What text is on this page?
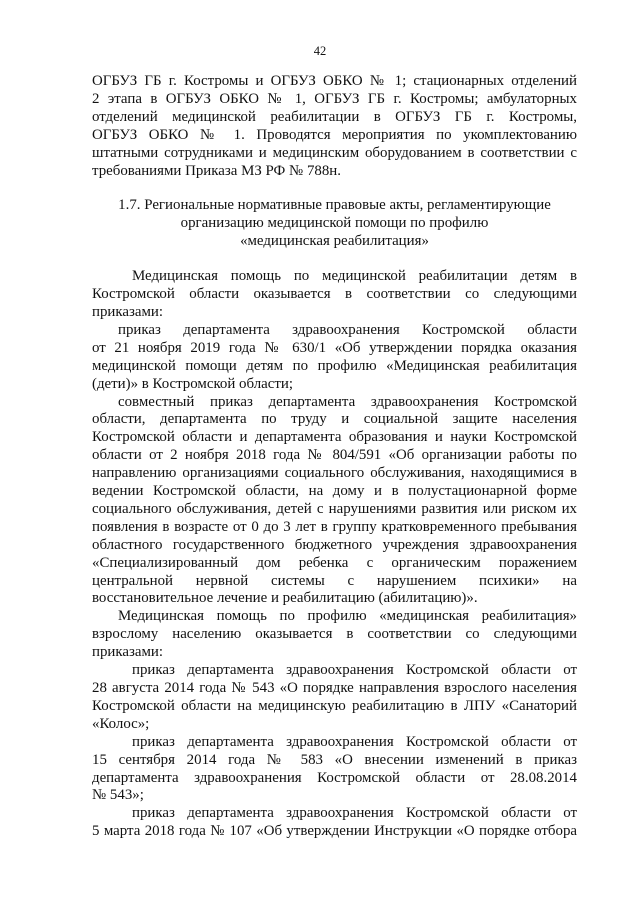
42
ОГБУЗ ГБ г. Костромы и ОГБУЗ ОБКО № 1; стационарных отделений
2 этапа в ОГБУЗ ОБКО № 1, ОГБУЗ ГБ г. Костромы; амбулаторных
отделений медицинской реабилитации в ОГБУЗ ГБ г. Костромы,
ОГБУЗ ОБКО № 1. Проводятся мероприятия по укомплектованию
штатными сотрудниками и медицинским оборудованием в соответствии с
требованиями Приказа МЗ РФ № 788н.
1.7. Региональные нормативные правовые акты, регламентирующие
организацию медицинской помощи по профилю
«медицинская реабилитация»
Медицинская помощь по медицинской реабилитации детям в
Костромской области оказывается в соответствии со следующими
приказами:
приказ департамента здравоохранения Костромской области
от 21 ноября 2019 года № 630/1 «Об утверждении порядка оказания
медицинской помощи детям по профилю «Медицинская реабилитация
(дети)» в Костромской области;
совместный приказ департамента здравоохранения Костромской
области, департамента по труду и социальной защите населения
Костромской области и департамента образования и науки Костромской
области от 2 ноября 2018 года № 804/591 «Об организации работы по
направлению организациями социального обслуживания, находящимися в
ведении Костромской области, на дому и в полустационарной форме
социального обслуживания, детей с нарушениями развития или риском их
появления в возрасте от 0 до 3 лет в группу кратковременного пребывания
областного государственного бюджетного учреждения здравоохранения
«Специализированный дом ребенка с органическим поражением
центральной нервной системы с нарушением психики» на
восстановительное лечение и реабилитацию (абилитацию)».
Медицинская помощь по профилю «медицинская реабилитация»
взрослому населению оказывается в соответствии со следующими
приказами:
приказ департамента здравоохранения Костромской области от
28 августа 2014 года № 543 «О порядке направления взрослого населения
Костромской области на медицинскую реабилитацию в ЛПУ «Санаторий
«Колос»;
приказ департамента здравоохранения Костромской области от
15 сентября 2014 года № 583 «О внесении изменений в приказ
департамента здравоохранения Костромской области от 28.08.2014
№ 543»;
приказ департамента здравоохранения Костромской области от
5 марта 2018 года № 107 «Об утверждении Инструкции «О порядке отбора
